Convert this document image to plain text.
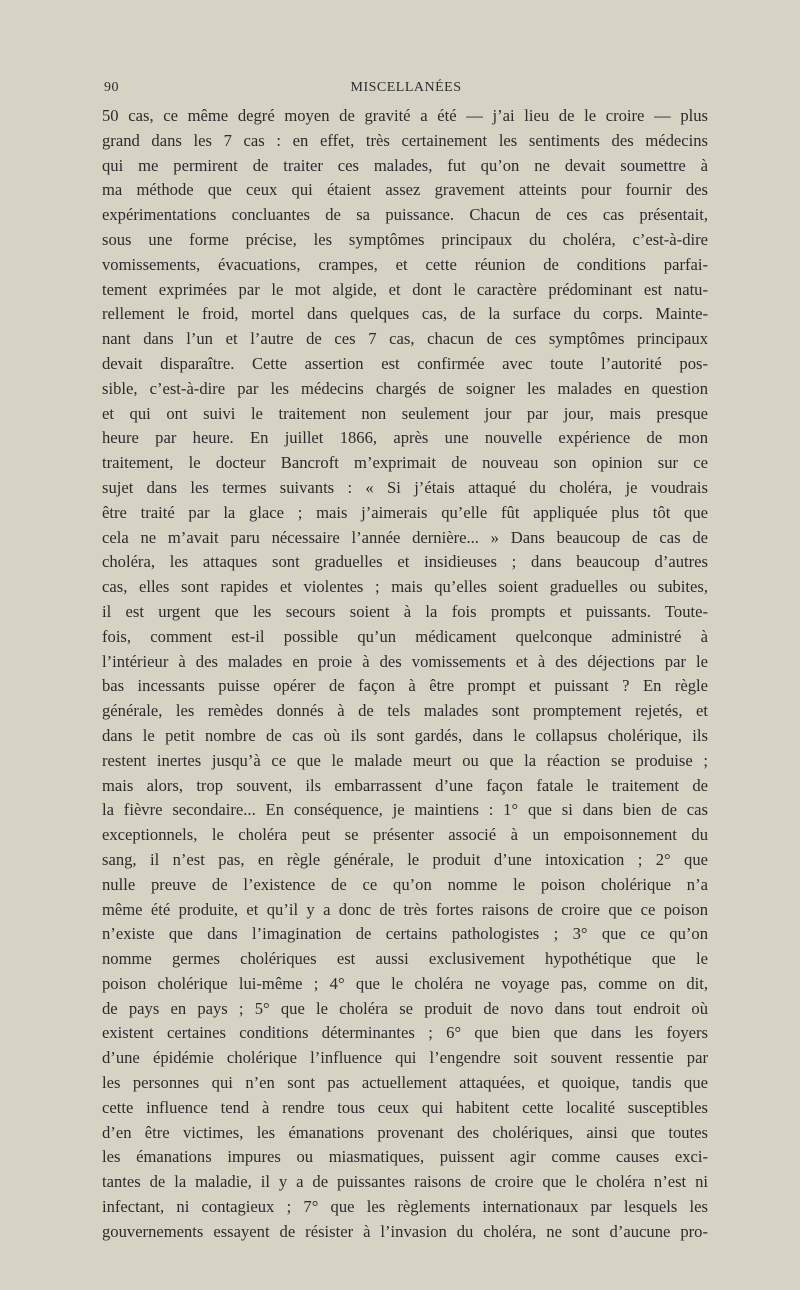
90	MISCELLANÉES
50 cas, ce même degré moyen de gravité a été — j’ai lieu de le croire — plus
grand dans les 7 cas : en effet, très certainement les sentiments des médecins
qui me permirent de traiter ces malades, fut qu’on ne devait soumettre à
ma méthode que ceux qui étaient assez gravement atteints pour fournir des
expérimentations concluantes de sa puissance. Chacun de ces cas présentait,
sous une forme précise, les symptômes principaux du choléra, c’est-à-dire
vomissements, évacuations, crampes, et cette réunion de conditions parfai-
tement exprimées par le mot algide, et dont le caractère prédominant est natu-
rellement le froid, mortel dans quelques cas, de la surface du corps. Mainte-
nant dans l’un et l’autre de ces 7 cas, chacun de ces symptômes principaux
devait disparaître. Cette assertion est confirmée avec toute l’autorité pos-
sible, c’est-à-dire par les médecins chargés de soigner les malades en question
et qui ont suivi le traitement non seulement jour par jour, mais presque
heure par heure. En juillet 1866, après une nouvelle expérience de mon
traitement, le docteur Bancroft m’exprimait de nouveau son opinion sur ce
sujet dans les termes suivants : « Si j’étais attaqué du choléra, je voudrais
être traité par la glace ; mais j’aimerais qu’elle fût appliquée plus tôt que
cela ne m’avait paru nécessaire l’année dernière... » Dans beaucoup de cas de
choléra, les attaques sont graduelles et insidieuses ; dans beaucoup d’autres
cas, elles sont rapides et violentes ; mais qu’elles soient graduelles ou subites,
il est urgent que les secours soient à la fois prompts et puissants. Toute-
fois, comment est-il possible qu’un médicament quelconque administré à
l’intérieur à des malades en proie à des vomissements et à des déjections par le
bas incessants puisse opérer de façon à être prompt et puissant ? En règle
générale, les remèdes donnés à de tels malades sont promptement rejetés, et
dans le petit nombre de cas où ils sont gardés, dans le collapsus cholérique, ils
restent inertes jusqu’à ce que le malade meurt ou que la réaction se produise ;
mais alors, trop souvent, ils embarrassent d’une façon fatale le traitement de
la fièvre secondaire... En conséquence, je maintiens : 1° que si dans bien de cas
exceptionnels, le choléra peut se présenter associé à un empoisonnement du
sang, il n’est pas, en règle générale, le produit d’une intoxication ; 2° que
nulle preuve de l’existence de ce qu’on nomme le poison cholérique n’a
même été produite, et qu’il y a donc de très fortes raisons de croire que ce poison
n’existe que dans l’imagination de certains pathologistes ; 3° que ce qu’on
nomme germes cholériques est aussi exclusivement hypothétique que le
poison cholérique lui-même ; 4° que le choléra ne voyage pas, comme on dit,
de pays en pays ; 5° que le choléra se produit de novo dans tout endroit où
existent certaines conditions déterminantes ; 6° que bien que dans les foyers
d’une épidémie cholérique l’influence qui l’engendre soit souvent ressentie par
les personnes qui n’en sont pas actuellement attaquées, et quoique, tandis que
cette influence tend à rendre tous ceux qui habitent cette localité susceptibles
d’en être victimes, les émanations provenant des cholériques, ainsi que toutes
les émanations impures ou miasmatiques, puissent agir comme causes exci-
tantes de la maladie, il y a de puissantes raisons de croire que le choléra n’est ni
infectant, ni contagieux ; 7° que les règlements internationaux par lesquels les
gouvernements essayent de résister à l’invasion du choléra, ne sont d’aucune pro-
